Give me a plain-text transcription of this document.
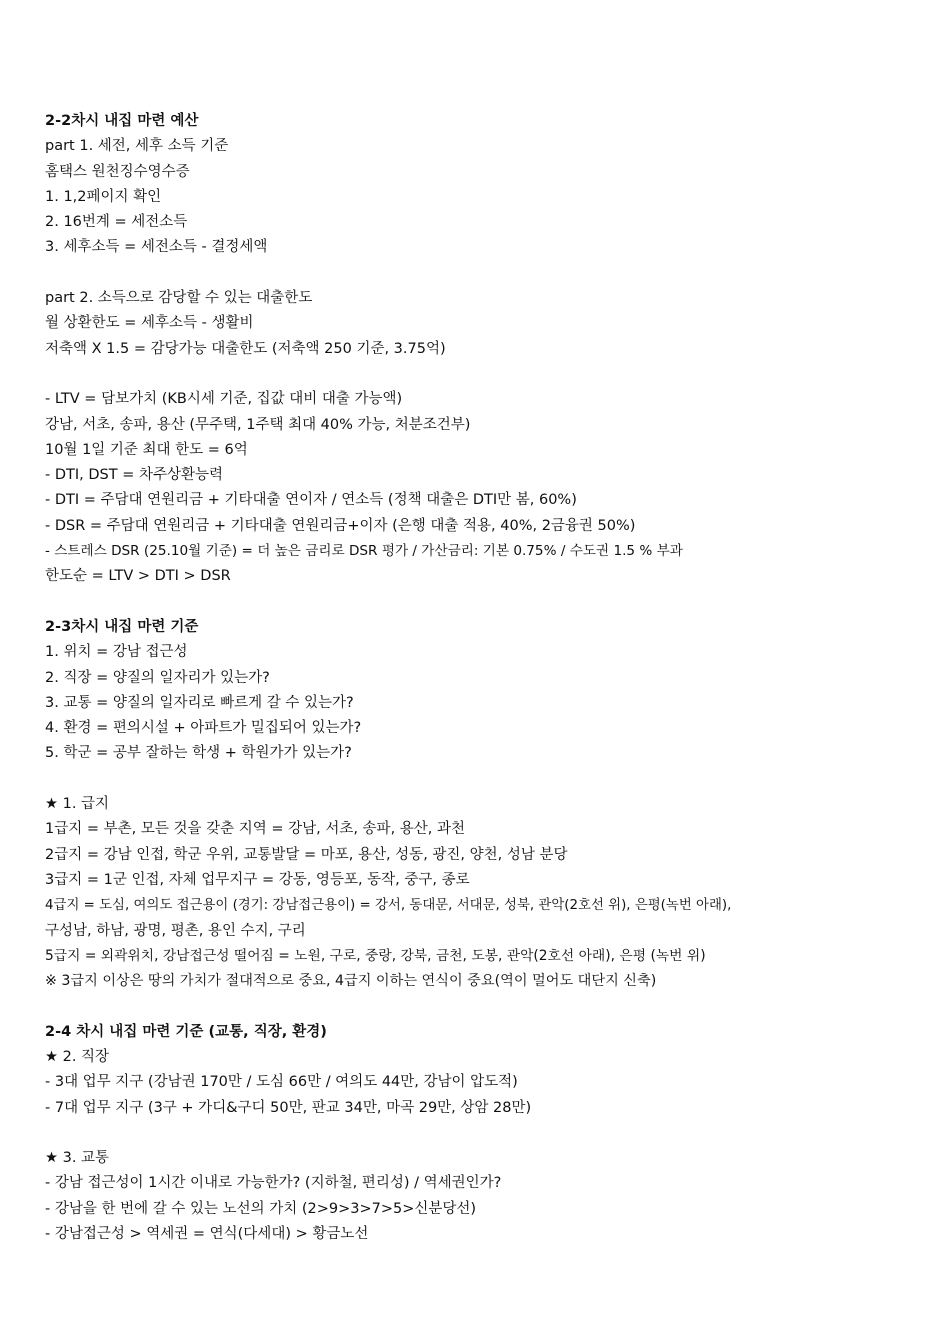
2-2차시 내집 마련 예산
part 1. 세전, 세후 소득 기준
홈택스 원천징수영수증
1. 1,2페이지 확인
2. 16번계 = 세전소득
3. 세후소득 = 세전소득 - 결정세액
part 2. 소득으로 감당할 수 있는 대출한도
월 상환한도 = 세후소득 - 생활비
저축액 X 1.5 = 감당가능 대출한도 (저축액 250 기준, 3.75억)
- LTV = 담보가치 (KB시세 기준, 집값 대비 대출 가능액)
강남, 서초, 송파, 용산 (무주택, 1주택 최대 40% 가능, 처분조건부)
10월 1일 기준 최대 한도 = 6억
- DTI, DST = 차주상환능력
- DTI = 주담대 연원리금 + 기타대출 연이자 / 연소득 (정책 대출은 DTI만 봄, 60%)
- DSR = 주담대 연원리금 + 기타대출 연원리금+이자 (은행 대출 적용, 40%, 2금융권 50%)
- 스트레스 DSR (25.10월 기준) = 더 높은 금리로 DSR 평가 / 가산금리: 기본 0.75% / 수도권 1.5 % 부과
한도순 = LTV > DTI > DSR
2-3차시 내집 마련 기준
1. 위치 = 강남 접근성
2. 직장 = 양질의 일자리가 있는가?
3. 교통 = 양질의 일자리로 빠르게 갈 수 있는가?
4. 환경 = 편의시설 + 아파트가 밀집되어 있는가?
5. 학군 = 공부 잘하는 학생 + 학원가가 있는가?
★ 1. 급지
1급지 = 부촌, 모든 것을 갖춘 지역 = 강남, 서초, 송파, 용산, 과천
2급지 = 강남 인접, 학군 우위, 교통발달 = 마포, 용산, 성동, 광진, 양천, 성남 분당
3급지 = 1군 인접, 자체 업무지구 = 강동, 영등포, 동작, 중구, 종로
4급지 = 도심, 여의도 접근용이 (경기: 강남접근용이) = 강서, 동대문, 서대문, 성북, 관악(2호선 위), 은평(녹번 아래),
구성남, 하남, 광명, 평촌, 용인 수지, 구리
5급지 = 외곽위치, 강남접근성 떨어짐 = 노원, 구로, 중랑, 강북, 금천, 도봉, 관악(2호선 아래), 은평 (녹번 위)
※ 3급지 이상은 땅의 가치가 절대적으로 중요, 4급지 이하는 연식이 중요(역이 멀어도 대단지 신축)
2-4 차시 내집 마련 기준 (교통, 직장, 환경)
★ 2. 직장
- 3대 업무 지구 (강남권 170만 / 도심 66만 / 여의도 44만, 강남이 압도적)
- 7대 업무 지구 (3구 + 가디&구디 50만, 판교 34만, 마곡 29만, 상암 28만)
★ 3. 교통
- 강남 접근성이 1시간 이내로 가능한가? (지하철, 편리성) / 역세권인가?
- 강남을 한 번에 갈 수 있는 노선의 가치 (2>9>3>7>5>신분당선)
- 강남접근성 > 역세권 = 연식(다세대) > 황금노선
